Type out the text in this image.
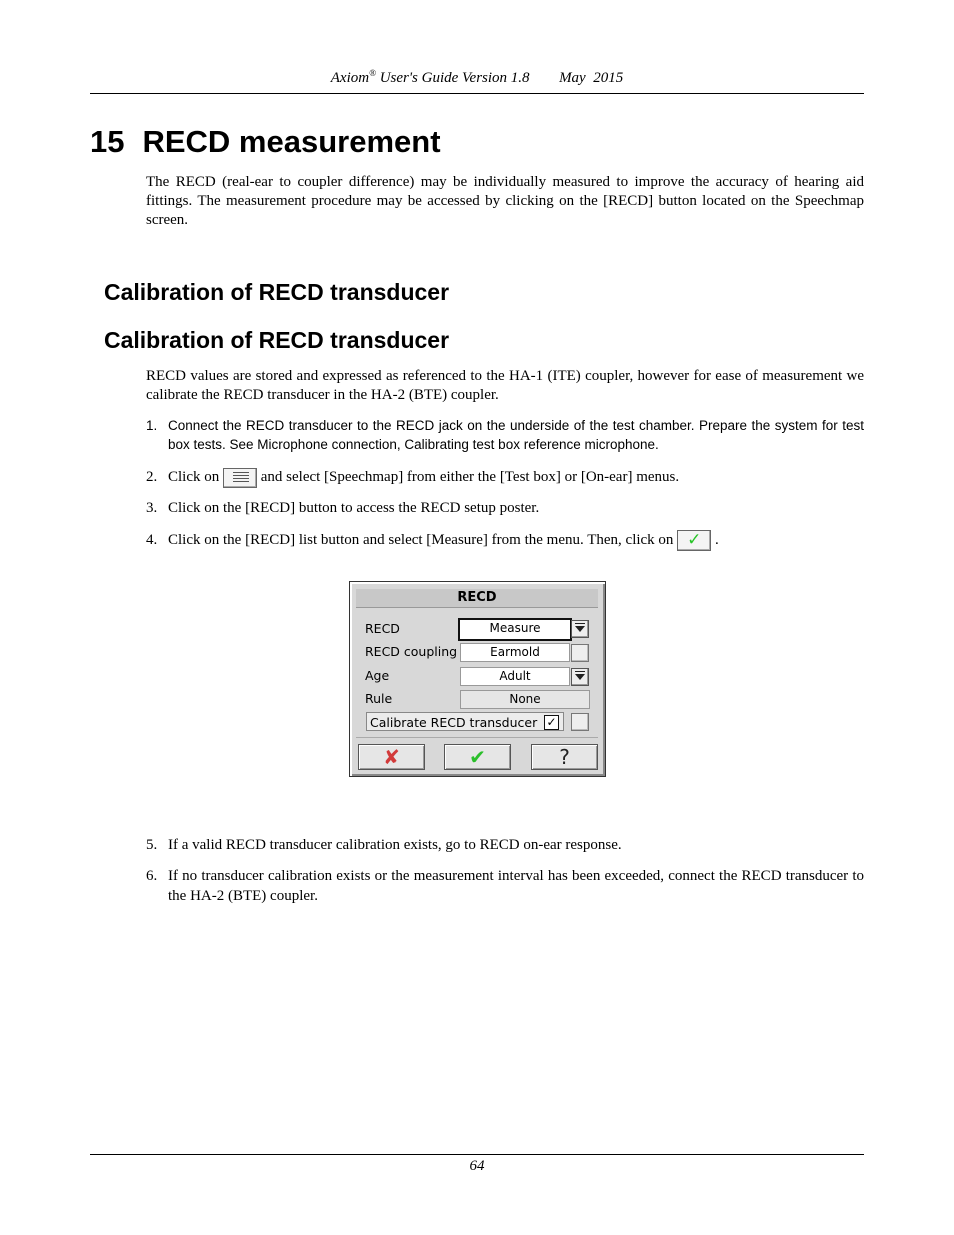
Axiom® User's Guide Version 1.8 May  2015
15 RECD measurement
The RECD (real-ear to coupler difference) may be individually measured to improve the accuracy of hearing aid fittings. The measurement procedure may be accessed by clicking on the [RECD] button located on the Speechmap screen.
Calibration of RECD transducer
Calibration of RECD transducer
RECD values are stored and expressed as referenced to the HA-1 (ITE) coupler, however for ease of measurement we calibrate the RECD transducer in the HA-2 (BTE) coupler.
1. Connect the RECD transducer to the RECD jack on the underside of the test chamber. Prepare the system for test box tests. See Microphone connection, Calibrating test box reference microphone.
2. Click on	and select [Speechmap] from either the [Test box] or [On-ear] menus.
3. Click on the [RECD] button to access the RECD setup poster.
4. Click on the [RECD] list button and select [Measure] from the menu. Then, click on ✓ .
RECD
RECD	Measure
RECD coupling	Earmold
Age	Adult
Rule	None
Calibrate RECD transducer ✓
✘	✔	?
5. If a valid RECD transducer calibration exists, go to RECD on-ear response.
6. If no transducer calibration exists or the measurement interval has been exceeded, connect the RECD transducer to the HA-2 (BTE) coupler.
64
